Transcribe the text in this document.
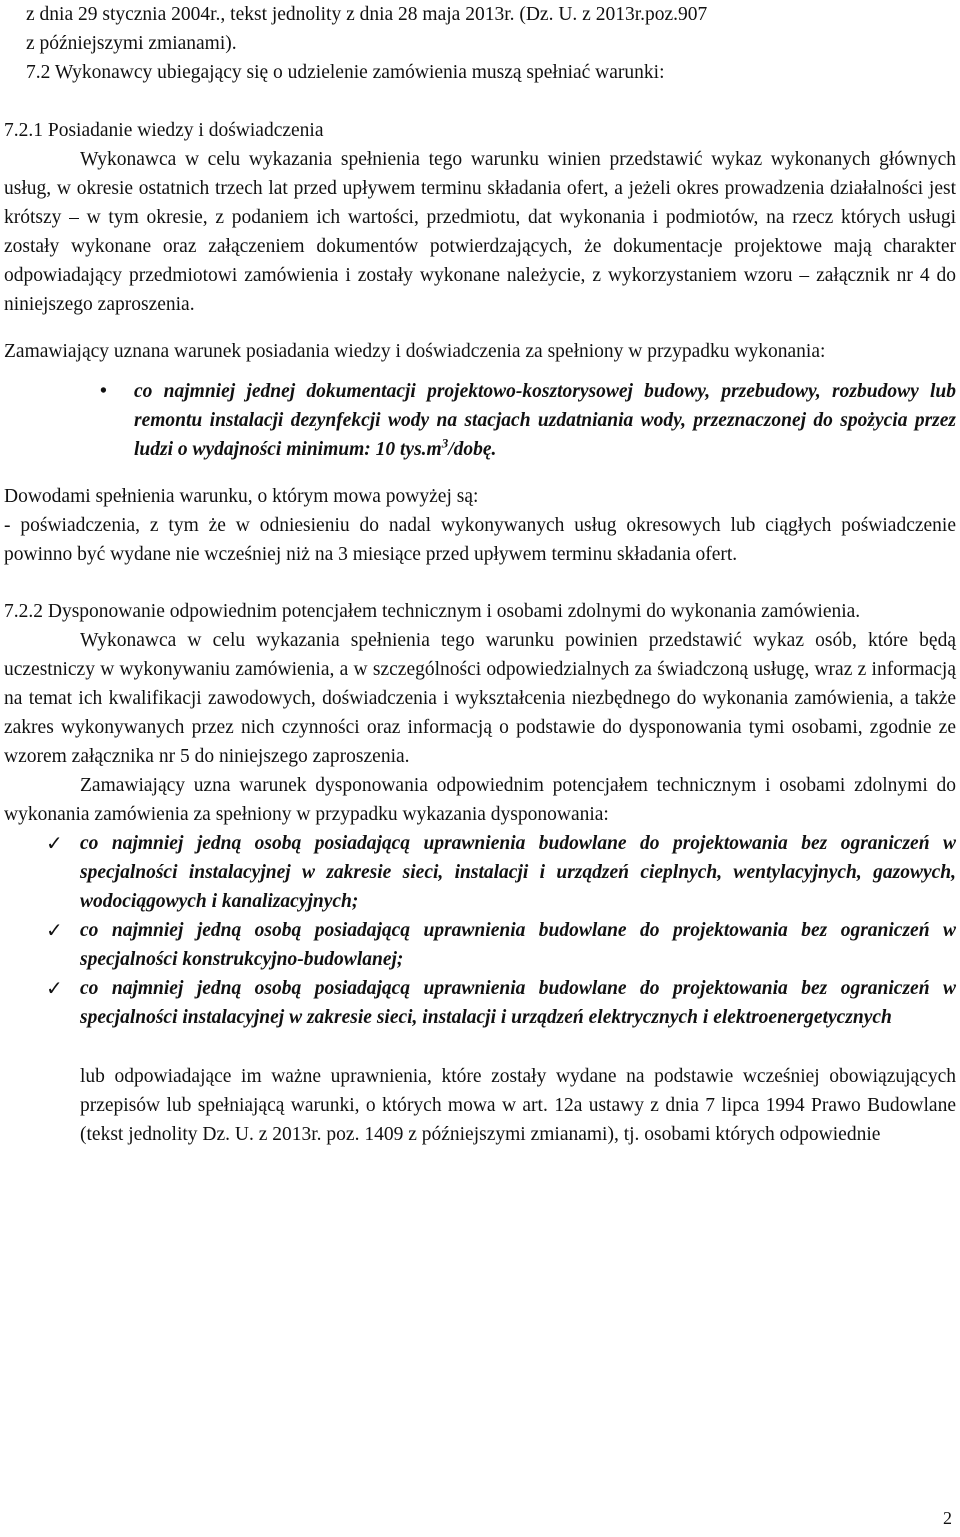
z dnia 29 stycznia 2004r., tekst jednolity z dnia 28 maja 2013r. (Dz. U. z 2013r.poz.907

z późniejszymi zmianami).

7.2 Wykonawcy ubiegający się o udzielenie zamówienia muszą spełniać warunki:

7.2.1 Posiadanie wiedzy i doświadczenia

Wykonawca w celu wykazania spełnienia tego warunku winien przedstawić wykaz wykonanych głównych usług, w okresie ostatnich trzech lat przed upływem terminu składania ofert, a jeżeli okres prowadzenia działalności jest krótszy – w tym okresie, z podaniem ich wartości, przedmiotu, dat wykonania i podmiotów, na rzecz których usługi zostały wykonane oraz załączeniem dokumentów potwierdzających, że dokumentacje projektowe mają charakter odpowiadający przedmiotowi zamówienia i zostały wykonane należycie, z wykorzystaniem wzoru – załącznik nr 4 do niniejszego zaproszenia.

Zamawiający uznana warunek posiadania wiedzy i doświadczenia za spełniony w przypadku wykonania:

• co najmniej jednej dokumentacji projektowo-kosztorysowej budowy, przebudowy, rozbudowy lub remontu instalacji dezynfekcji wody na stacjach uzdatniania wody, przeznaczonej do spożycia przez ludzi o wydajności minimum: 10 $tys.m^3$/dobę.

Dowodami spełnienia warunku, o którym mowa powyżej są:

- poświadczenia, z tym że w odniesieniu do nadal wykonywanych usług okresowych lub ciągłych poświadczenie powinno być wydane nie wcześniej niż na 3 miesiące przed upływem terminu składania ofert.

7.2.2 Dysponowanie odpowiednim potencjałem technicznym i osobami zdolnymi do wykonania zamówienia.

Wykonawca w celu wykazania spełnienia tego warunku powinien przedstawić wykaz osób, które będą uczestniczy w wykonywaniu zamówienia, a w szczególności odpowiedzialnych za świadczoną usługę, wraz z informacją na temat ich kwalifikacji zawodowych, doświadczenia i wykształcenia niezbędnego do wykonania zamówienia, a także zakres wykonywanych przez nich czynności oraz informacją o podstawie do dysponowania tymi osobami, zgodnie ze wzorem załącznika nr 5 do niniejszego zaproszenia.

Zamawiający uzna warunek dysponowania odpowiednim potencjałem technicznym i osobami zdolnymi do wykonania zamówienia za spełniony w przypadku wykazania dysponowania:

✓ co najmniej jedną osobą posiadającą uprawnienia budowlane do projektowania bez ograniczeń w specjalności instalacyjnej w zakresie sieci, instalacji i urządzeń cieplnych, wentylacyjnych, gazowych, wodociągowych i kanalizacyjnych;
✓ co najmniej jedną osobą posiadającą uprawnienia budowlane do projektowania bez ograniczeń w specjalności konstrukcyjno-budowlanej;
✓ co najmniej jedną osobą posiadającą uprawnienia budowlane do projektowania bez ograniczeń w specjalności instalacyjnej w zakresie sieci, instalacji i urządzeń elektrycznych i elektroenergetycznych

lub odpowiadające im ważne uprawnienia, które zostały wydane na podstawie wcześniej obowiązujących przepisów lub spełniającą warunki, o których mowa w art. 12a ustawy z dnia 7 lipca 1994 Prawo Budowlane (tekst jednolity Dz. U. z 2013r. poz. 1409 z późniejszymi zmianami), tj. osobami których odpowiednie

2
